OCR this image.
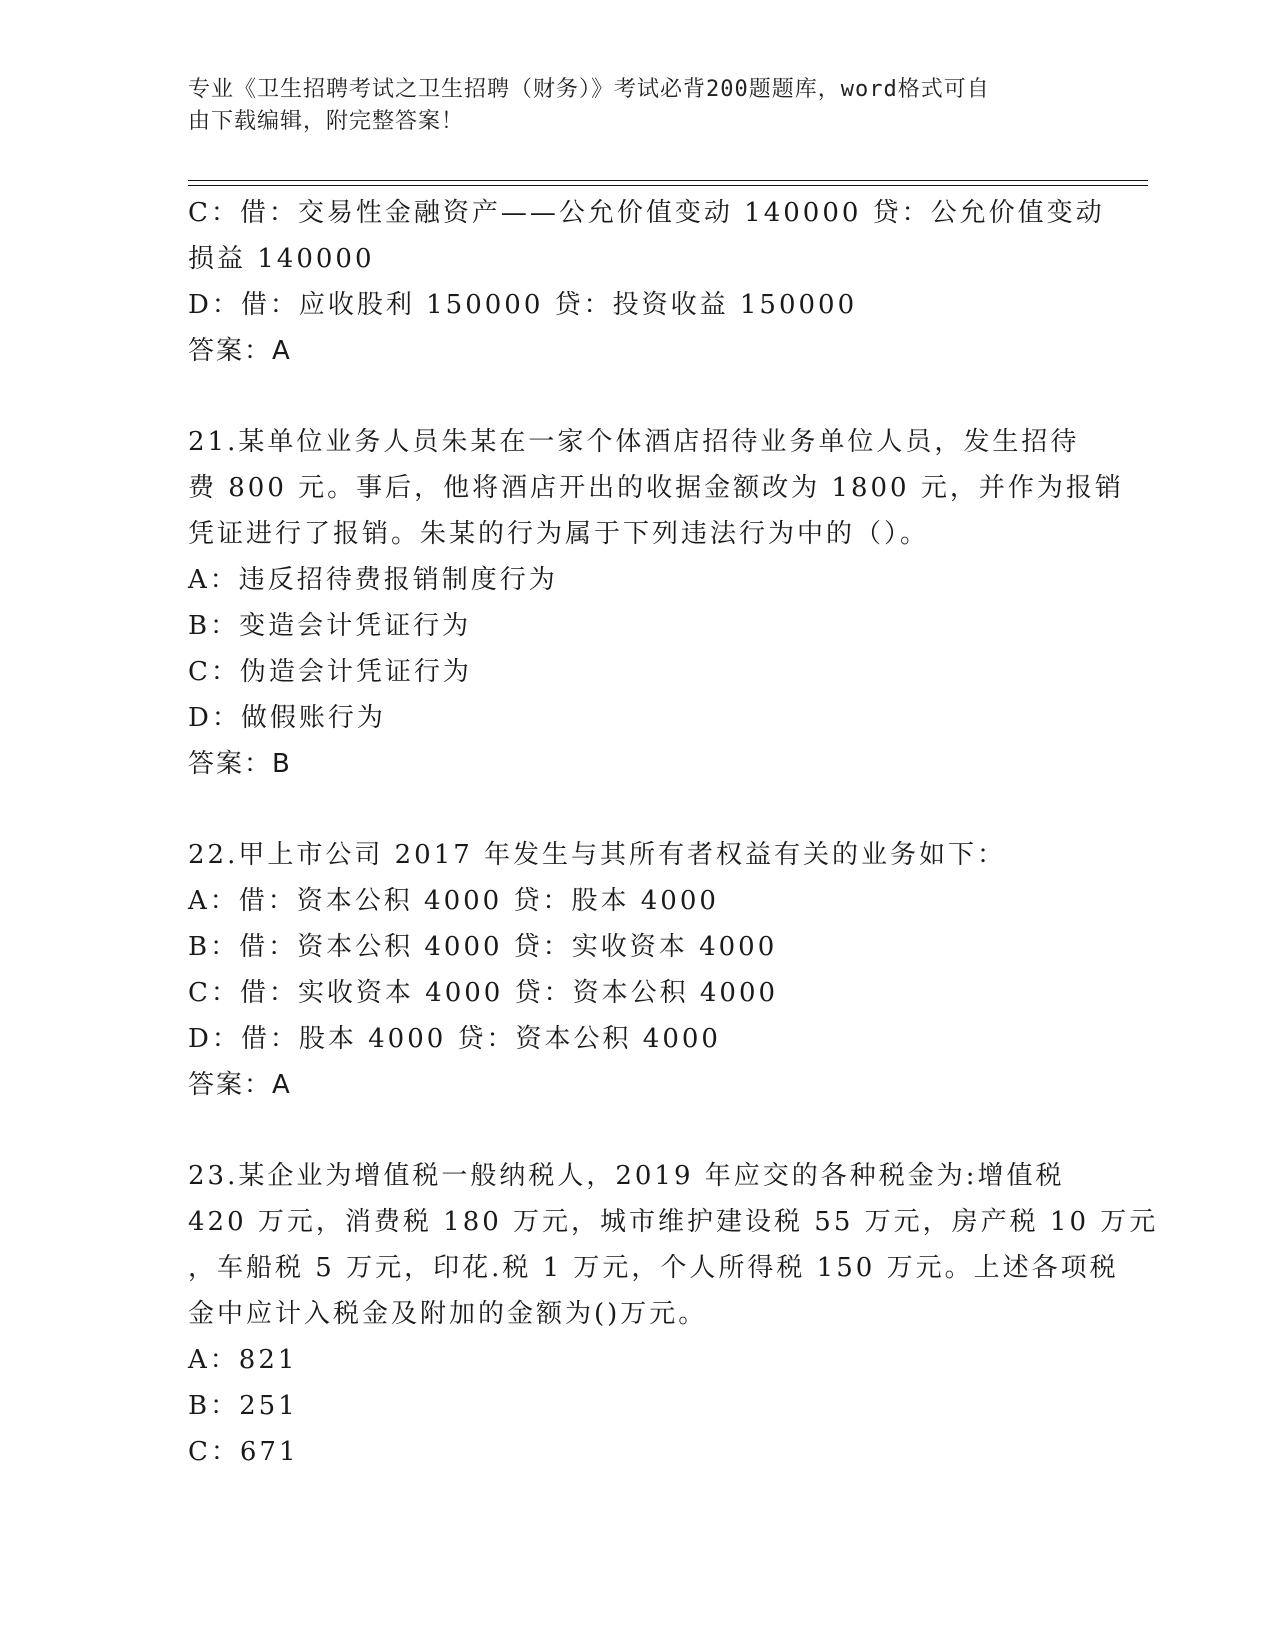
专业《卫生招聘考试之卫生招聘（财务）》考试必背200题题库，word格式可自
由下载编辑，附完整答案！
C：借：交易性金融资产——公允价值变动 140000 贷：公允价值变动
损益 140000
D：借：应收股利 150000 贷：投资收益 150000
答案：A
21.某单位业务人员朱某在一家个体酒店招待业务单位人员，发生招待
费 800 元。事后，他将酒店开出的收据金额改为 1800 元，并作为报销
凭证进行了报销。朱某的行为属于下列违法行为中的（）。
A：违反招待费报销制度行为
B：变造会计凭证行为
C：伪造会计凭证行为
D：做假账行为
答案：B
22.甲上市公司 2017 年发生与其所有者权益有关的业务如下：
A：借：资本公积 4000 贷：股本 4000
B：借：资本公积 4000 贷：实收资本 4000
C：借：实收资本 4000 贷：资本公积 4000
D：借：股本 4000 贷：资本公积 4000
答案：A
23.某企业为增值税一般纳税人，2019 年应交的各种税金为:增值税
420 万元，消费税 180 万元，城市维护建设税 55 万元，房产税 10 万元
，车船税 5 万元，印花.税 1 万元，个人所得税 150 万元。上述各项税
金中应计入税金及附加的金额为()万元。
A：821
B：251
C：671
